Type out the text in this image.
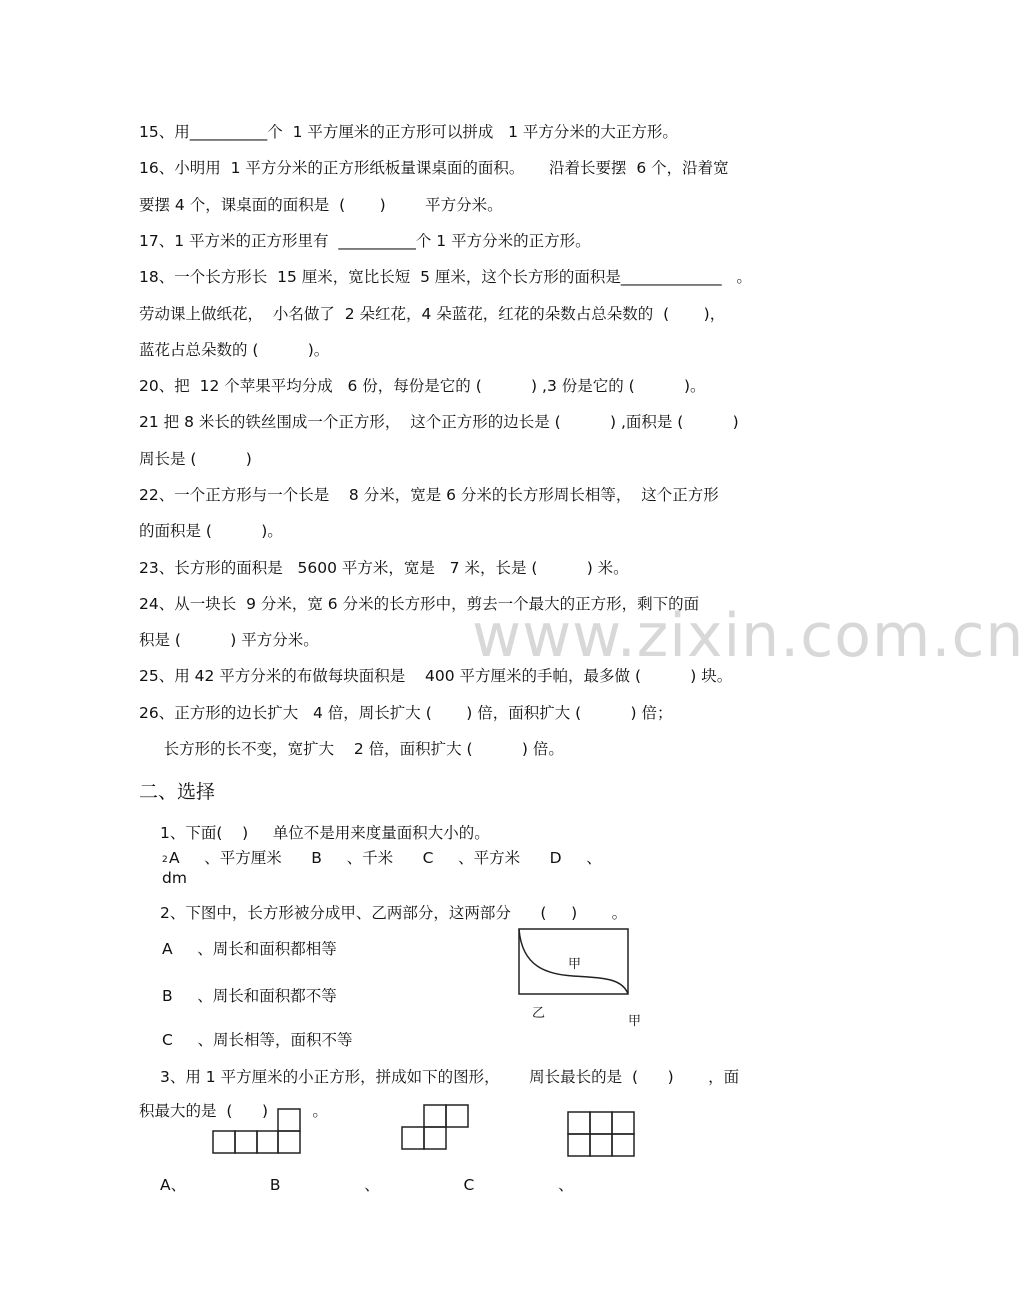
www.zixin.com.cn
15、用__________个  1 平方厘米的正方形可以拼成   1 平方分米的大正方形。
16、小明用  1 平方分米的正方形纸板量课桌面的面积。     沿着长要摆  6 个，沿着宽
要摆 4 个，课桌面的面积是  (       )        平方分米。
17、1 平方米的正方形里有  __________个 1 平方分米的正方形。
18、一个长方形长  15 厘米，宽比长短  5 厘米，这个长方形的面积是_____________   。
劳动课上做纸花，  小名做了  2 朵红花，4 朵蓝花，红花的朵数占总朵数的  (       )，
蓝花占总朵数的 (          )。
20、把  12 个苹果平均分成   6 份，每份是它的 (          ) ,3 份是它的 (          )。
21 把 8 米长的铁丝围成一个正方形，  这个正方形的边长是 (          ) ,面积是 (          )
周长是 (          )
22、一个正方形与一个长是    8 分米，宽是 6 分米的长方形周长相等，  这个正方形
的面积是 (          )。
23、长方形的面积是   5600 平方米，宽是   7 米，长是 (          ) 米。
24、从一块长  9 分米，宽 6 分米的长方形中，剪去一个最大的正方形，剩下的面
积是 (          ) 平方分米。
25、用 42 平方分米的布做每块面积是    400 平方厘米的手帕，最多做 (          ) 块。
26、正方形的边长扩大   4 倍，周长扩大 (       ) 倍，面积扩大 (          ) 倍；
长方形的长不变，宽扩大    2 倍，面积扩大 (          ) 倍。
二、选择
1、下面(    )     单位不是用来度量面积大小的。
2 A     、平方厘米      B     、千米      C     、平方米      D     、
dm
2、下图中，长方形被分成甲、乙两部分，这两部分      (     )       。
A     、周长和面积都相等
B     、周长和面积都不等
C     、周长相等，面积不等
甲
乙
甲
3、用 1 平方厘米的小正方形，拼成如下的图形，      周长最长的是  (      )       ，面
积最大的是  (      )         。
A、                 B                 、                 C                 、
